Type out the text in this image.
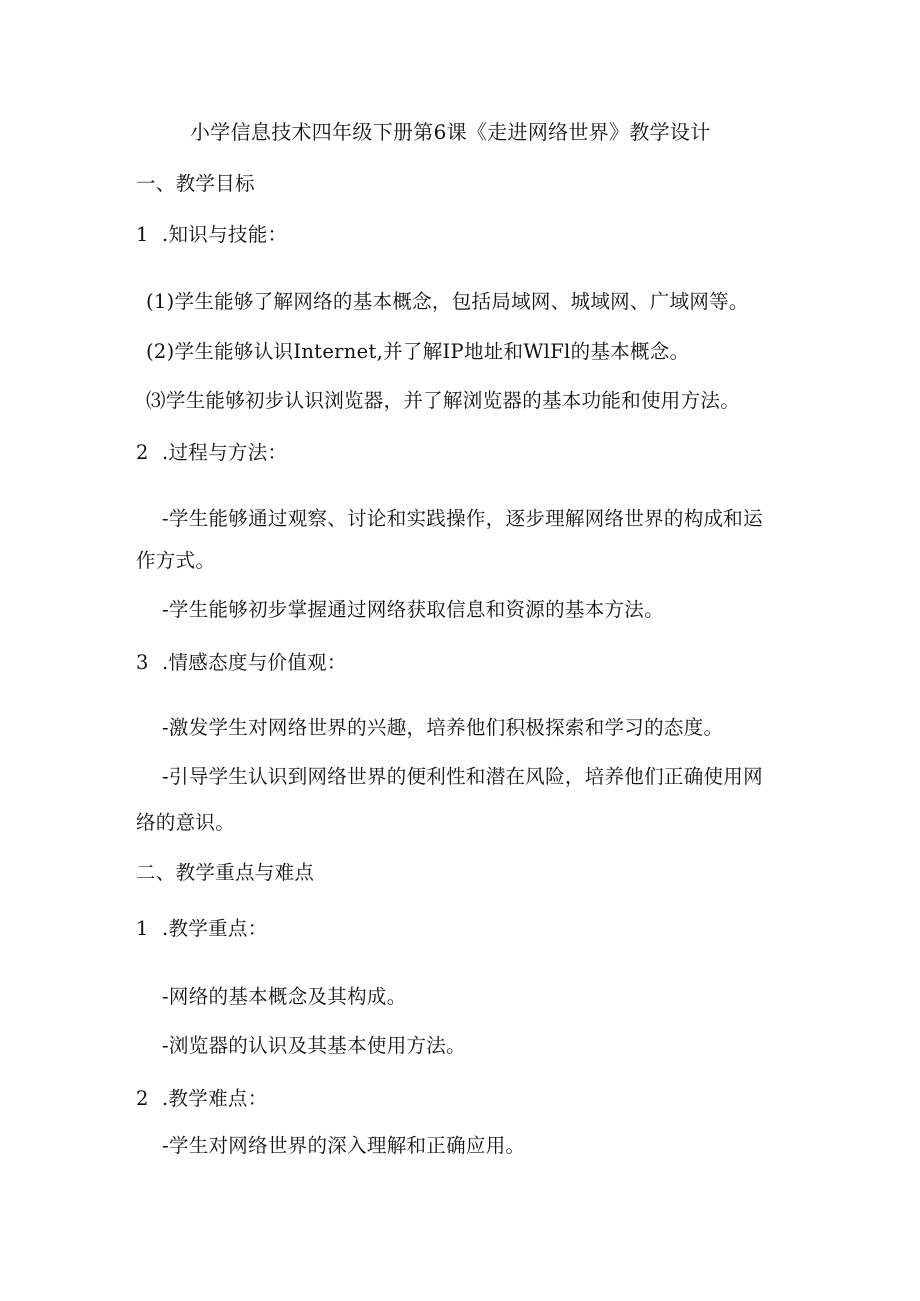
小学信息技术四年级下册第6课《走进网络世界》教学设计
一、教学目标
1 .知识与技能：
(1)学生能够了解网络的基本概念，包括局域网、城域网、广域网等。
(2)学生能够认识Internet,并了解IP地址和WlFl的基本概念。
⑶学生能够初步认识浏览器，并了解浏览器的基本功能和使用方法。
2 .过程与方法：
-学生能够通过观察、讨论和实践操作，逐步理解网络世界的构成和运
作方式。
-学生能够初步掌握通过网络获取信息和资源的基本方法。
3 .情感态度与价值观：
-激发学生对网络世界的兴趣，培养他们积极探索和学习的态度。
-引导学生认识到网络世界的便利性和潜在风险，培养他们正确使用网
络的意识。
二、教学重点与难点
1 .教学重点：
-网络的基本概念及其构成。
-浏览器的认识及其基本使用方法。
2 .教学难点：
-学生对网络世界的深入理解和正确应用。
